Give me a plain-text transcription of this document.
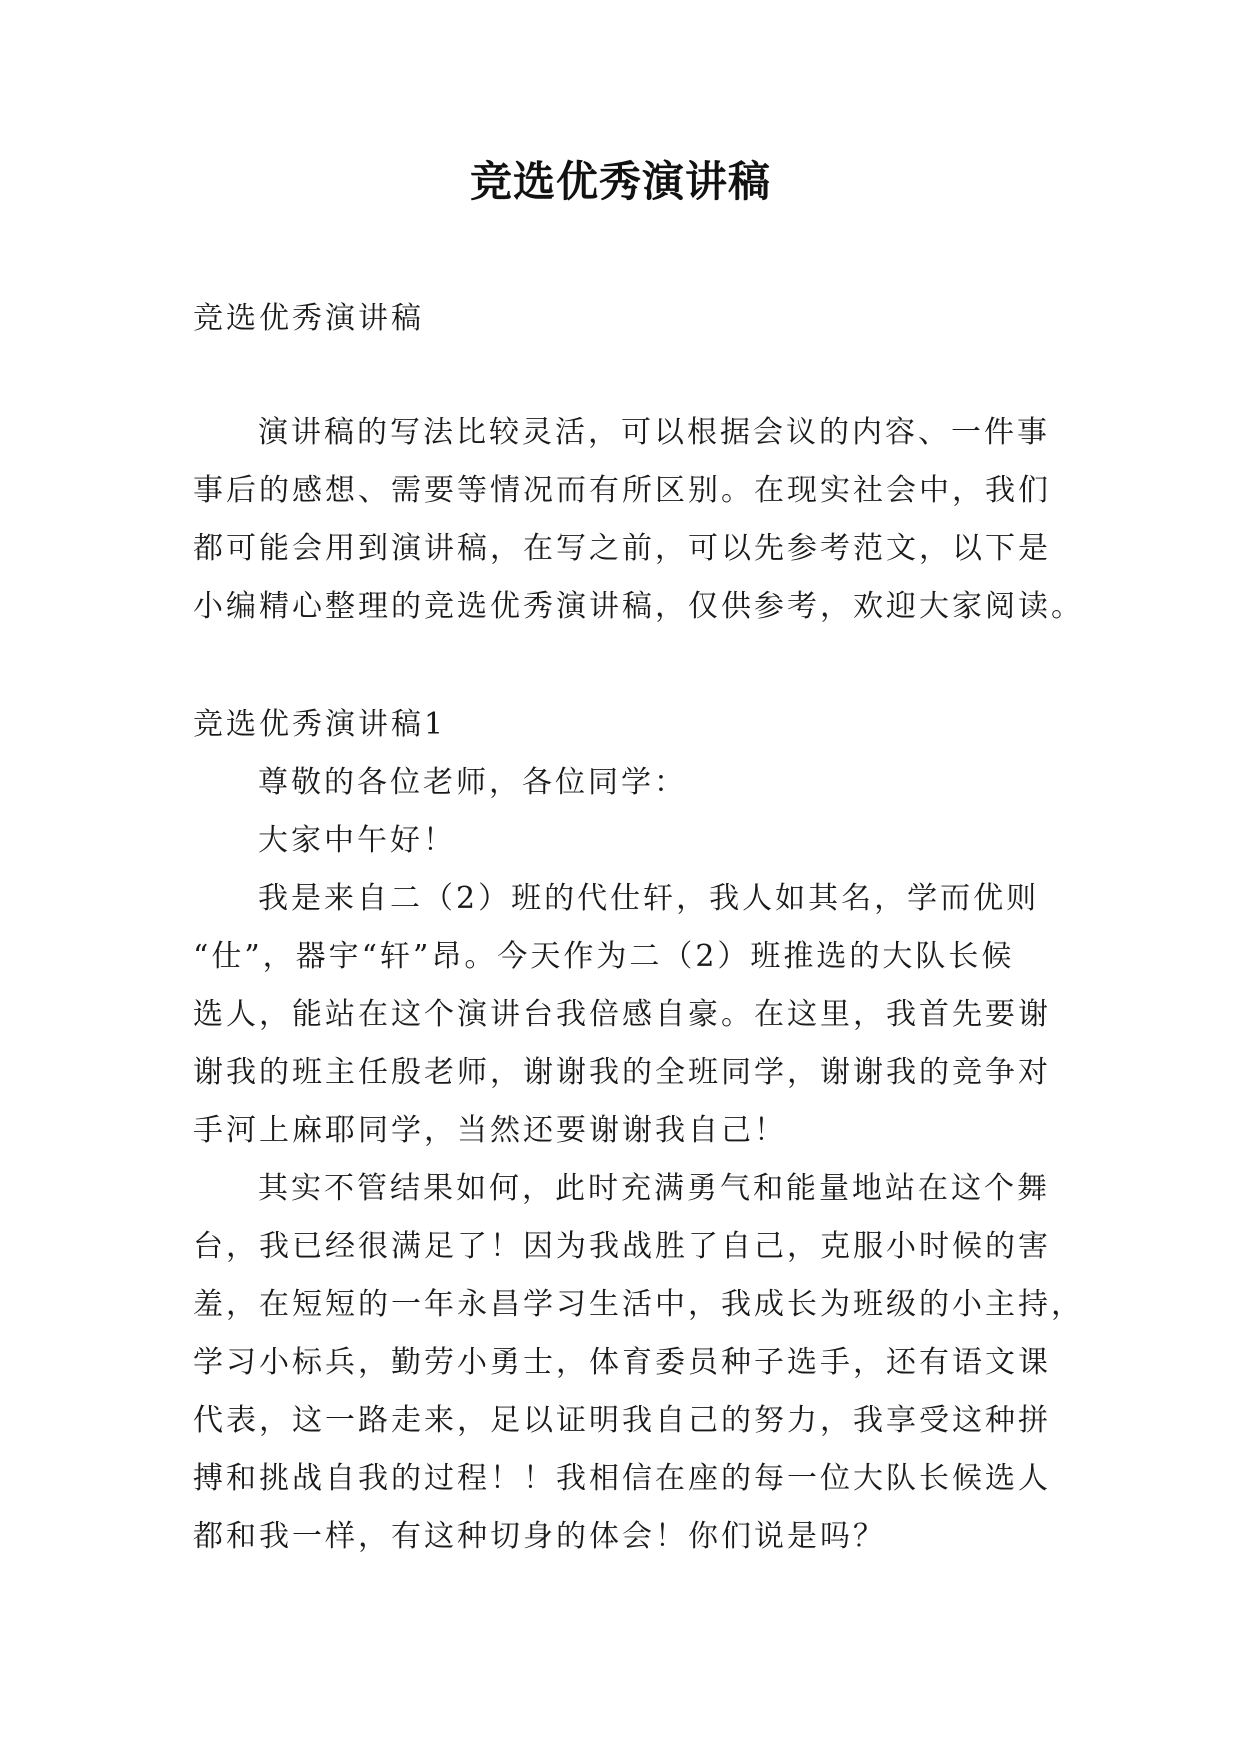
竞选优秀演讲稿
竞选优秀演讲稿
演讲稿的写法比较灵活，可以根据会议的内容、一件事
事后的感想、需要等情况而有所区别。在现实社会中，我们
都可能会用到演讲稿，在写之前，可以先参考范文，以下是
小编精心整理的竞选优秀演讲稿，仅供参考，欢迎大家阅读。
竞选优秀演讲稿1
尊敬的各位老师，各位同学：
大家中午好！
我是来自二（2）班的代仕轩，我人如其名，学而优则
“仕”，器宇“轩”昂。今天作为二（2）班推选的大队长候
选人，能站在这个演讲台我倍感自豪。在这里，我首先要谢
谢我的班主任殷老师，谢谢我的全班同学，谢谢我的竞争对
手河上麻耶同学，当然还要谢谢我自己！
其实不管结果如何，此时充满勇气和能量地站在这个舞
台，我已经很满足了！因为我战胜了自己，克服小时候的害
羞，在短短的一年永昌学习生活中，我成长为班级的小主持，
学习小标兵，勤劳小勇士，体育委员种子选手，还有语文课
代表，这一路走来，足以证明我自己的努力，我享受这种拼
搏和挑战自我的过程！！我相信在座的每一位大队长候选人
都和我一样，有这种切身的体会！你们说是吗？
